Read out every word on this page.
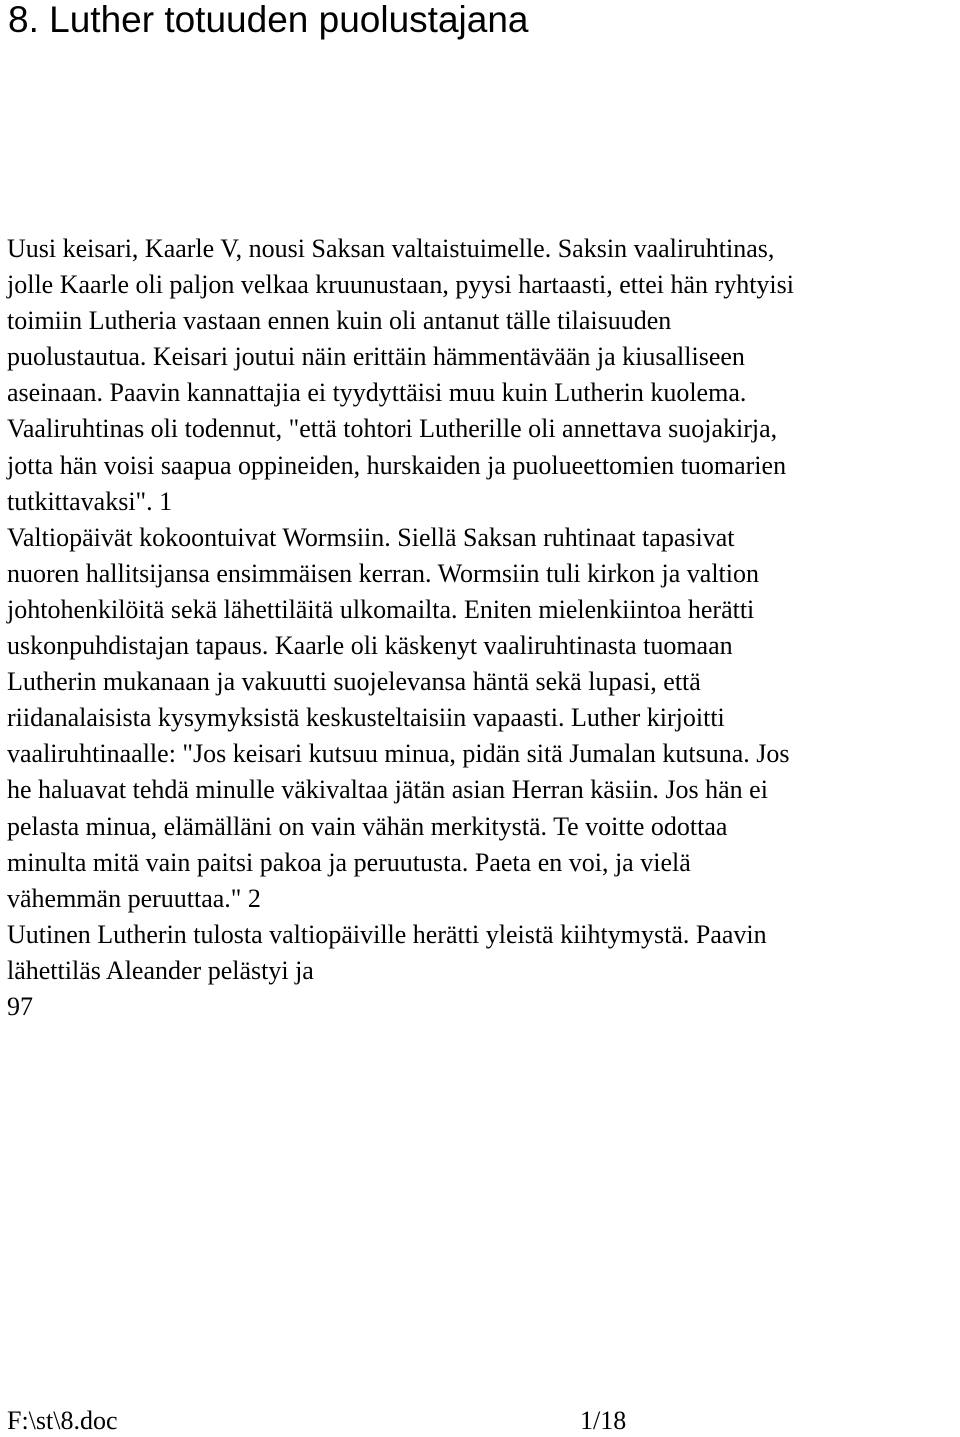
8. Luther totuuden puolustajana
Uusi keisari, Kaarle V, nousi Saksan valtaistuimelle. Saksin vaaliruhtinas,
jolle Kaarle oli paljon velkaa kruunustaan, pyysi hartaasti, ettei hän ryhtyisi
toimiin Lutheria vastaan ennen kuin oli antanut tälle tilaisuuden
puolustautua. Keisari joutui näin erittäin hämmentävään ja kiusalliseen
aseinaan. Paavin kannattajia ei tyydyttäisi muu kuin Lutherin kuolema.
Vaaliruhtinas oli todennut, "että tohtori Lutherille oli annettava suojakirja,
jotta hän voisi saapua oppineiden, hurskaiden ja puolueettomien tuomarien
tutkittavaksi". 1
Valtiopäivät kokoontuivat Wormsiin. Siellä Saksan ruhtinaat tapasivat
nuoren hallitsijansa ensimmäisen kerran. Wormsiin tuli kirkon ja valtion
johtohenkilöitä sekä lähettiläitä ulkomailta. Eniten mielenkiintoa herätti
uskonpuhdistajan tapaus. Kaarle oli käskenyt vaaliruhtinasta tuomaan
Lutherin mukanaan ja vakuutti suojelevansa häntä sekä lupasi, että
riidanalaisista kysymyksistä keskusteltaisiin vapaasti. Luther kirjoitti
vaaliruhtinaalle: "Jos keisari kutsuu minua, pidän sitä Jumalan kutsuna. Jos
he haluavat tehdä minulle väkivaltaa jätän asian Herran käsiin. Jos hän ei
pelasta minua, elämälläni on vain vähän merkitystä. Te voitte odottaa
minulta mitä vain paitsi pakoa ja peruutusta. Paeta en voi, ja vielä
vähemmän peruuttaa." 2
Uutinen Lutherin tulosta valtiopäiville herätti yleistä kiihtymystä. Paavin
lähettiläs Aleander pelästyi ja
97
F:\st\8.doc	1/18
